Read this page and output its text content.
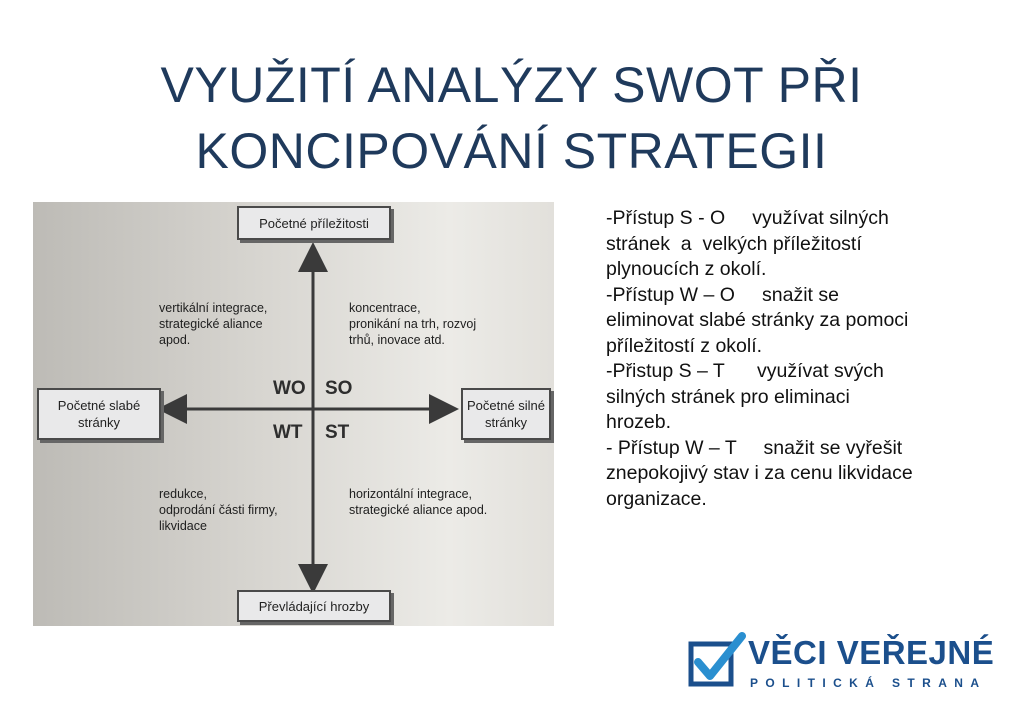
VYUŽITÍ ANALÝZY SWOT PŘI
KONCIPOVÁNÍ STRATEGII
Početné příležitosti
Převládající hrozby
Početné slabé
stránky
Početné silné
stránky
vertikální integrace,
strategické aliance
apod.
koncentrace,
pronikání na trh, rozvoj
trhů, inovace atd.
redukce,
odprodání části firmy,
likvidace
horizontální integrace,
strategické aliance apod.
WO SO
WT ST
-Přístup S - O     využívat silných
stránek  a  velkých příležitostí
plynoucích z okolí.
-Přístup W – O     snažit se
eliminovat slabé stránky za pomoci
příležitostí z okolí.
-Přistup S – T      využívat svých
silných stránek pro eliminaci
hrozeb.
- Přístup W – T     snažit se vyřešit
znepokojivý stav i za cenu likvidace
organizace.
VĚCI VEŘEJNÉ
POLITICKÁ STRANA
